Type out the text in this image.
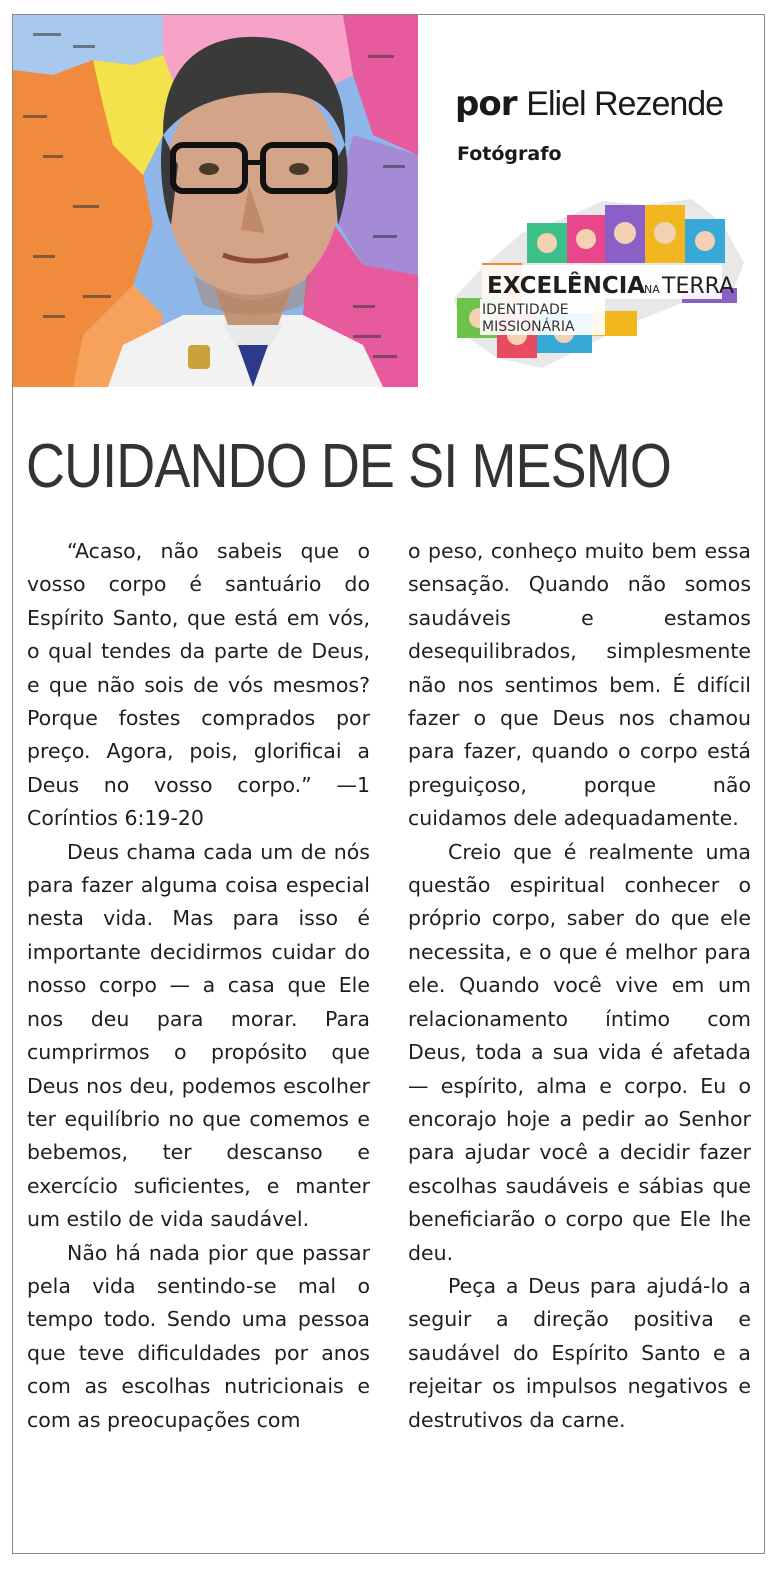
por Eliel Rezende

Fotógrafo

EXCELÊNCIA
NA TERRA
IDENTIDADE
MISSIONÁRIA
CUIDANDO DE SI MESMO

“Acaso, não sabeis que o vosso corpo é santuário do Espírito Santo, que está em vós, o qual tendes da parte de Deus, e que não sois de vós mesmos? Porque fostes comprados por preço. Agora, pois, glorificai a Deus no vosso corpo.” —1 Coríntios 6:19-20

Deus chama cada um de nós para fazer alguma coisa especial nesta vida. Mas para isso é importante decidirmos cuidar do nosso corpo — a casa que Ele nos deu para morar. Para cumprirmos o propósito que Deus nos deu, podemos escolher ter equilíbrio no que comemos e bebemos, ter descanso e exercício suficientes, e manter um estilo de vida saudável.

Não há nada pior que passar pela vida sentindo-se mal o tempo todo. Sendo uma pessoa que teve dificuldades por anos com as escolhas nutricionais e com as preocupações com

o peso, conheço muito bem essa sensação. Quando não somos saudáveis e estamos desequilibrados, simplesmente não nos sentimos bem. É difícil fazer o que Deus nos chamou para fazer, quando o corpo está preguiçoso, porque não cuidamos dele adequadamente.

Creio que é realmente uma questão espiritual conhecer o próprio corpo, saber do que ele necessita, e o que é melhor para ele. Quando você vive em um relacionamento íntimo com Deus, toda a sua vida é afetada — espírito, alma e corpo. Eu o encorajo hoje a pedir ao Senhor para ajudar você a decidir fazer escolhas saudáveis e sábias que beneficiarão o corpo que Ele lhe deu.

Peça a Deus para ajudá-lo a seguir a direção positiva e saudável do Espírito Santo e a rejeitar os impulsos negativos e destrutivos da carne.
